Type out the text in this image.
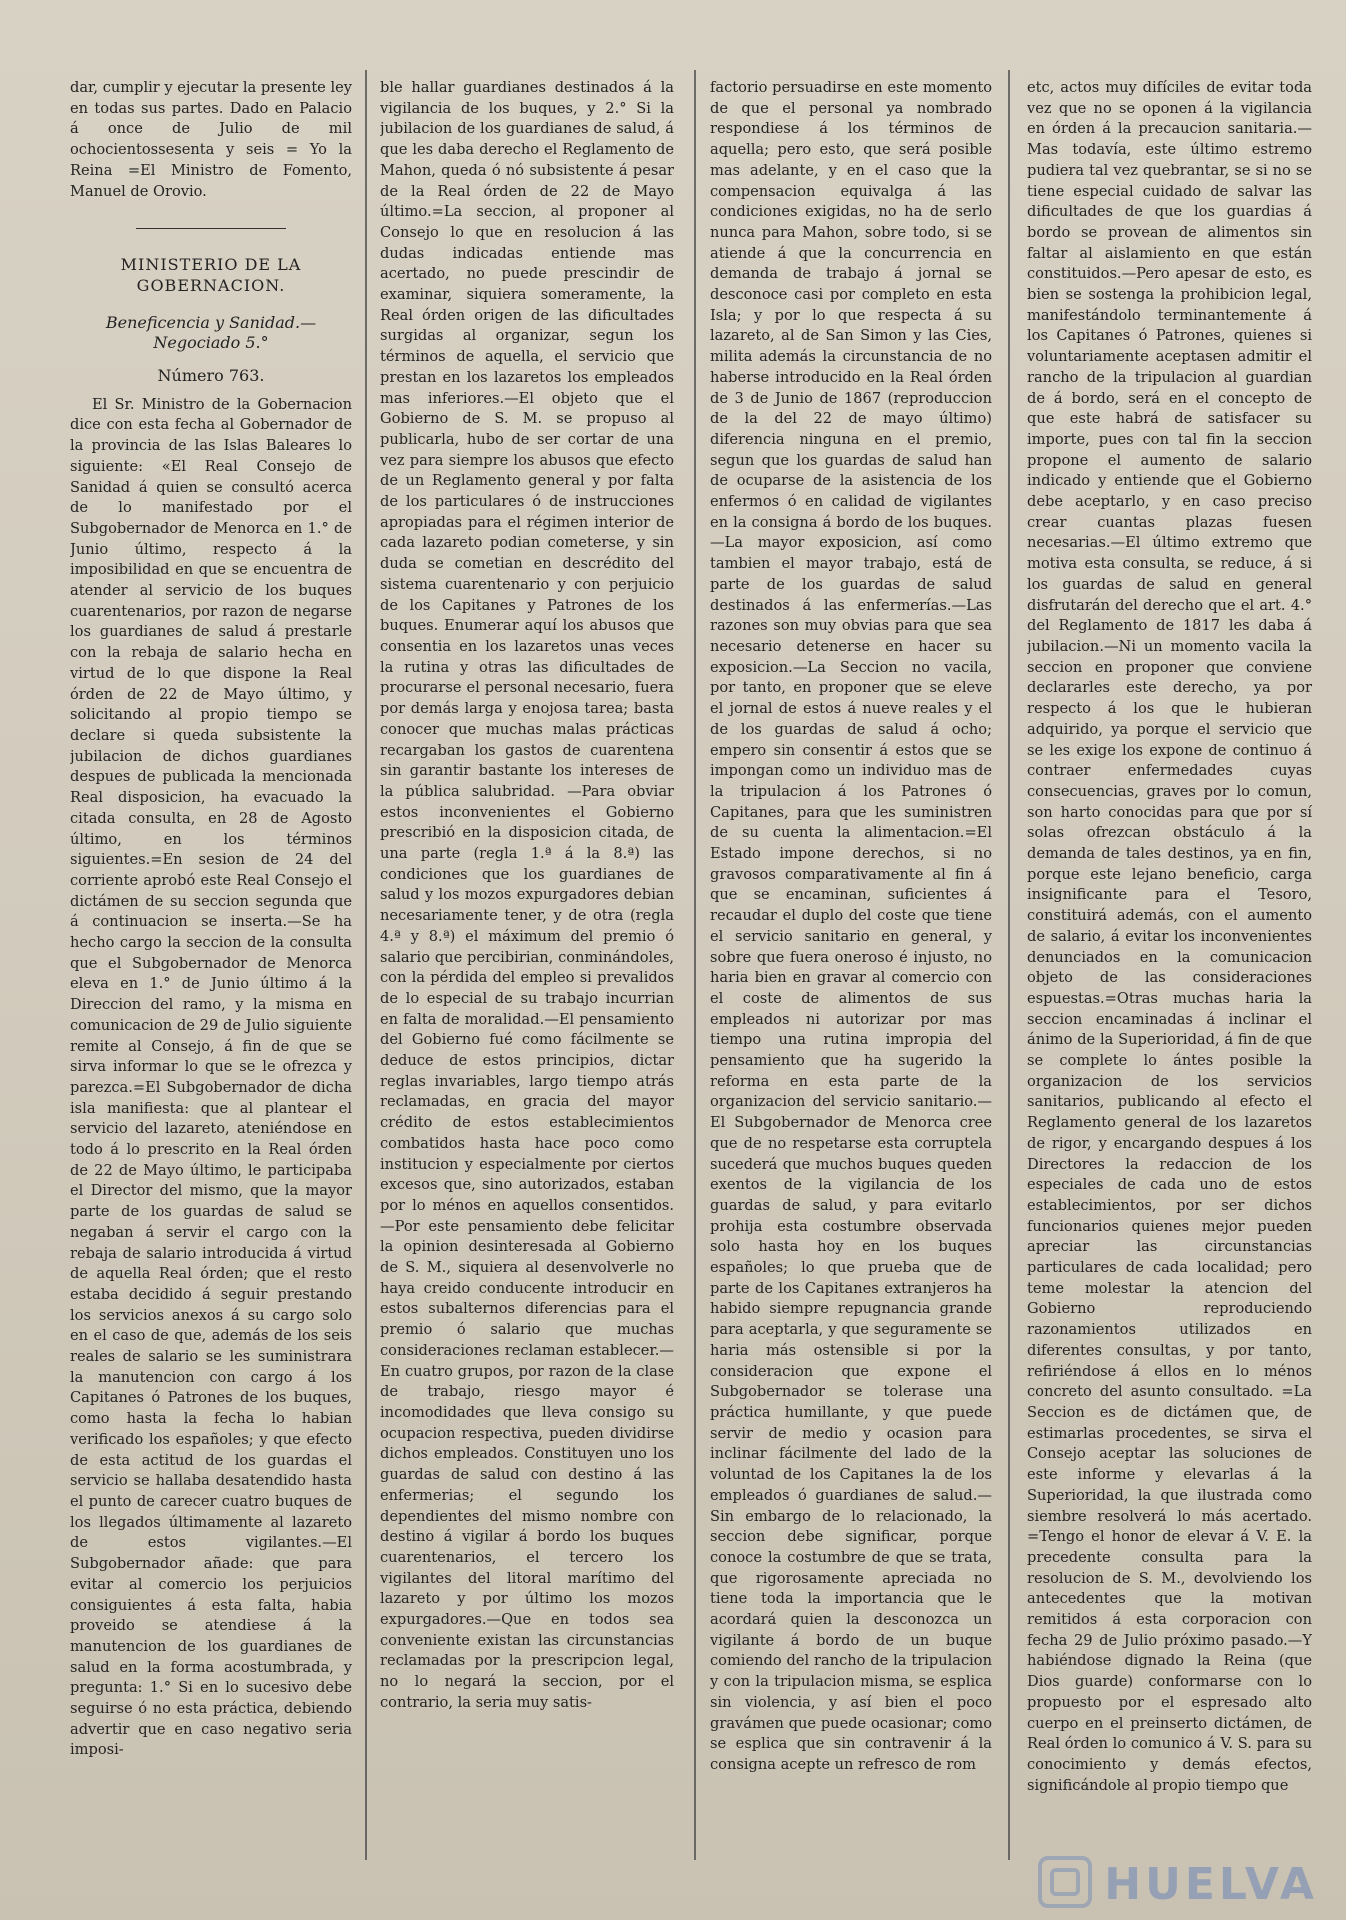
dar, cumplir y ejecutar la presente ley en todas sus partes. Dado en Palacio á once de Julio de mil ochocientossesenta y seis = Yo la Reina =El Ministro de Fomento, Manuel de Orovio.

MINISTERIO DE LA GOBERNACION.

Beneficencia y Sanidad.—Negociado 5.°

Número 763.

El Sr. Ministro de la Gobernacion dice con esta fecha al Gobernador de la provincia de las Islas Baleares lo siguiente: «El Real Consejo de Sanidad á quien se consultó acerca de lo manifestado por el Subgobernador de Menorca en 1.° de Junio último, respecto á la imposibilidad en que se encuentra de atender al servicio de los buques cuarentenarios, por razon de negarse los guardianes de salud á prestarle con la rebaja de salario hecha en virtud de lo que dispone la Real órden de 22 de Mayo último, y solicitando al propio tiempo se declare si queda subsistente la jubilacion de dichos guardianes despues de publicada la mencionada Real disposicion, ha evacuado la citada consulta, en 28 de Agosto último, en los términos siguientes.=En sesion de 24 del corriente aprobó este Real Consejo el dictámen de su seccion segunda que á continuacion se inserta.—Se ha hecho cargo la seccion de la consulta que el Subgobernador de Menorca eleva en 1.° de Junio último á la Direccion del ramo, y la misma en comunicacion de 29 de Julio siguiente remite al Consejo, á fin de que se sirva informar lo que se le ofrezca y parezca.=El Subgobernador de dicha isla manifiesta: que al plantear el servicio del lazareto, ateniéndose en todo á lo prescrito en la Real órden de 22 de Mayo último, le participaba el Director del mismo, que la mayor parte de los guardas de salud se negaban á servir el cargo con la rebaja de salario introducida á virtud de aquella Real órden; que el resto estaba decidido á seguir prestando los servicios anexos á su cargo solo en el caso de que, además de los seis reales de salario se les suministrara la manutencion con cargo á los Capitanes ó Patrones de los buques, como hasta la fecha lo habian verificado los españoles; y que efecto de esta actitud de los guardas el servicio se hallaba desatendido hasta el punto de carecer cuatro buques de los llegados últimamente al lazareto de estos vigilantes.—El Subgobernador añade: que para evitar al comercio los perjuicios consiguientes á esta falta, habia proveido se atendiese á la manutencion de los guardianes de salud en la forma acostumbrada, y pregunta: 1.° Si en lo sucesivo debe seguirse ó no esta práctica, debiendo advertir que en caso negativo seria imposi-

ble hallar guardianes destinados á la vigilancia de los buques, y 2.° Si la jubilacion de los guardianes de salud, á que les daba derecho el Reglamento de Mahon, queda ó nó subsistente á pesar de la Real órden de 22 de Mayo último.=La seccion, al proponer al Consejo lo que en resolucion á las dudas indicadas entiende mas acertado, no puede prescindir de examinar, siquiera someramente, la Real órden origen de las dificultades surgidas al organizar, segun los términos de aquella, el servicio que prestan en los lazaretos los empleados mas inferiores.—El objeto que el Gobierno de S. M. se propuso al publicarla, hubo de ser cortar de una vez para siempre los abusos que efecto de un Reglamento general y por falta de los particulares ó de instrucciones apropiadas para el régimen interior de cada lazareto podian cometerse, y sin duda se cometian en descrédito del sistema cuarentenario y con perjuicio de los Capitanes y Patrones de los buques. Enumerar aquí los abusos que consentia en los lazaretos unas veces la rutina y otras las dificultades de procurarse el personal necesario, fuera por demás larga y enojosa tarea; basta conocer que muchas malas prácticas recargaban los gastos de cuarentena sin garantir bastante los intereses de la pública salubridad. —Para obviar estos inconvenientes el Gobierno prescribió en la disposicion citada, de una parte (regla 1.ª á la 8.ª) las condiciones que los guardianes de salud y los mozos expurgadores debian necesariamente tener, y de otra (regla 4.ª y 8.ª) el máximum del premio ó salario que percibirian, conminándoles, con la pérdida del empleo si prevalidos de lo especial de su trabajo incurrian en falta de moralidad.—El pensamiento del Gobierno fué como fácilmente se deduce de estos principios, dictar reglas invariables, largo tiempo atrás reclamadas, en gracia del mayor crédito de estos establecimientos combatidos hasta hace poco como institucion y especialmente por ciertos excesos que, sino autorizados, estaban por lo ménos en aquellos consentidos.—Por este pensamiento debe felicitar la opinion desinteresada al Gobierno de S. M., siquiera al desenvolverle no haya creido conducente introducir en estos subalternos diferencias para el premio ó salario que muchas consideraciones reclaman establecer.—En cuatro grupos, por razon de la clase de trabajo, riesgo mayor é incomodidades que lleva consigo su ocupacion respectiva, pueden dividirse dichos empleados. Constituyen uno los guardas de salud con destino á las enfermerias; el segundo los dependientes del mismo nombre con destino á vigilar á bordo los buques cuarentenarios, el tercero los vigilantes del litoral marítimo del lazareto y por último los mozos expurgadores.—Que en todos sea conveniente existan las circunstancias reclamadas por la prescripcion legal, no lo negará la seccion, por el contrario, la seria muy satis-

factorio persuadirse en este momento de que el personal ya nombrado respondiese á los términos de aquella; pero esto, que será posible mas adelante, y en el caso que la compensacion equivalga á las condiciones exigidas, no ha de serlo nunca para Mahon, sobre todo, si se atiende á que la concurrencia en demanda de trabajo á jornal se desconoce casi por completo en esta Isla; y por lo que respecta á su lazareto, al de San Simon y las Cies, milita además la circunstancia de no haberse introducido en la Real órden de 3 de Junio de 1867 (reproduccion de la del 22 de mayo último) diferencia ninguna en el premio, segun que los guardas de salud han de ocuparse de la asistencia de los enfermos ó en calidad de vigilantes en la consigna á bordo de los buques.—La mayor exposicion, así como tambien el mayor trabajo, está de parte de los guardas de salud destinados á las enfermerías.—Las razones son muy obvias para que sea necesario detenerse en hacer su exposicion.—La Seccion no vacila, por tanto, en proponer que se eleve el jornal de estos á nueve reales y el de los guardas de salud á ocho; empero sin consentir á estos que se impongan como un individuo mas de la tripulacion á los Patrones ó Capitanes, para que les suministren de su cuenta la alimentacion.=El Estado impone derechos, si no gravosos comparativamente al fin á que se encaminan, suficientes á recaudar el duplo del coste que tiene el servicio sanitario en general, y sobre que fuera oneroso é injusto, no haria bien en gravar al comercio con el coste de alimentos de sus empleados ni autorizar por mas tiempo una rutina impropia del pensamiento que ha sugerido la reforma en esta parte de la organizacion del servicio sanitario.—El Subgobernador de Menorca cree que de no respetarse esta corruptela sucederá que muchos buques queden exentos de la vigilancia de los guardas de salud, y para evitarlo prohija esta costumbre observada solo hasta hoy en los buques españoles; lo que prueba que de parte de los Capitanes extranjeros ha habido siempre repugnancia grande para aceptarla, y que seguramente se haria más ostensible si por la consideracion que expone el Subgobernador se tolerase una práctica humillante, y que puede servir de medio y ocasion para inclinar fácilmente del lado de la voluntad de los Capitanes la de los empleados ó guardianes de salud.—Sin embargo de lo relacionado, la seccion debe significar, porque conoce la costumbre de que se trata, que rigorosamente apreciada no tiene toda la importancia que le acordará quien la desconozca un vigilante á bordo de un buque comiendo del rancho de la tripulacion y con la tripulacion misma, se esplica sin violencia, y así bien el poco gravámen que puede ocasionar; como se esplica que sin contravenir á la consigna acepte un refresco de rom

etc, actos muy difíciles de evitar toda vez que no se oponen á la vigilancia en órden á la precaucion sanitaria.—Mas todavía, este último estremo pudiera tal vez quebrantar, se si no se tiene especial cuidado de salvar las dificultades de que los guardias á bordo se provean de alimentos sin faltar al aislamiento en que están constituidos.—Pero apesar de esto, es bien se sostenga la prohibicion legal, manifestándolo terminantemente á los Capitanes ó Patrones, quienes si voluntariamente aceptasen admitir el rancho de la tripulacion al guardian de á bordo, será en el concepto de que este habrá de satisfacer su importe, pues con tal fin la seccion propone el aumento de salario indicado y entiende que el Gobierno debe aceptarlo, y en caso preciso crear cuantas plazas fuesen necesarias.—El último extremo que motiva esta consulta, se reduce, á si los guardas de salud en general disfrutarán del derecho que el art. 4.° del Reglamento de 1817 les daba á jubilacion.—Ni un momento vacila la seccion en proponer que conviene declararles este derecho, ya por respecto á los que le hubieran adquirido, ya porque el servicio que se les exige los expone de continuo á contraer enfermedades cuyas consecuencias, graves por lo comun, son harto conocidas para que por sí solas ofrezcan obstáculo á la demanda de tales destinos, ya en fin, porque este lejano beneficio, carga insignificante para el Tesoro, constituirá además, con el aumento de salario, á evitar los inconvenientes denunciados en la comunicacion objeto de las consideraciones espuestas.=Otras muchas haria la seccion encaminadas á inclinar el ánimo de la Superioridad, á fin de que se complete lo ántes posible la organizacion de los servicios sanitarios, publicando al efecto el Reglamento general de los lazaretos de rigor, y encargando despues á los Directores la redaccion de los especiales de cada uno de estos establecimientos, por ser dichos funcionarios quienes mejor pueden apreciar las circunstancias particulares de cada localidad; pero teme molestar la atencion del Gobierno reproduciendo razonamientos utilizados en diferentes consultas, y por tanto, refiriéndose á ellos en lo ménos concreto del asunto consultado. =La Seccion es de dictámen que, de estimarlas procedentes, se sirva el Consejo aceptar las soluciones de este informe y elevarlas á la Superioridad, la que ilustrada como siembre resolverá lo más acertado. =Tengo el honor de elevar á V. E. la precedente consulta para la resolucion de S. M., devolviendo los antecedentes que la motivan remitidos á esta corporacion con fecha 29 de Julio próximo pasado.—Y habiéndose dignado la Reina (que Dios guarde) conformarse con lo propuesto por el espresado alto cuerpo en el preinserto dictámen, de Real órden lo comunico á V. S. para su conocimiento y demás efectos, significándole al propio tiempo que

HUELVA
